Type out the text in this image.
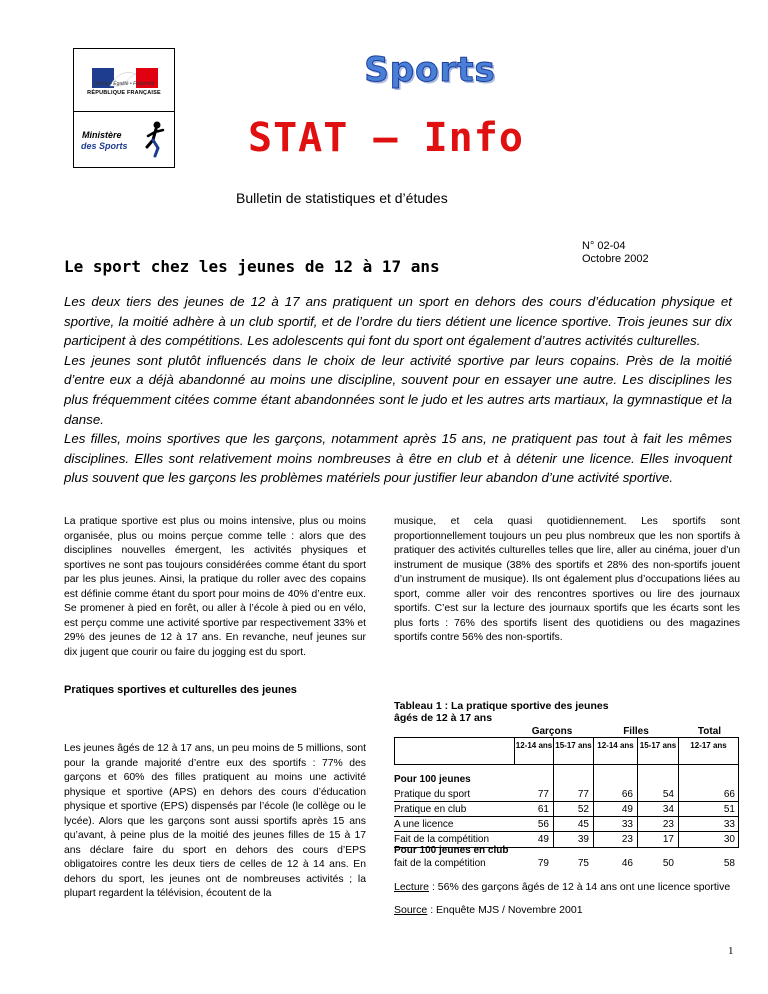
Liberté • Égalité • Fraternité
RÉPUBLIQUE FRANÇAISE
Ministère
des Sports
Sports
STAT – Info
Bulletin de statistiques et d’études
N° 02-04
Octobre 2002
Le sport chez les jeunes de 12 à 17 ans

Les deux tiers des jeunes de 12 à 17 ans pratiquent un sport en dehors des cours d’éducation physique et sportive, la moitié adhère à un club sportif, et de l’ordre du tiers détient une licence sportive. Trois jeunes sur dix participent à des compétitions. Les adolescents qui font du sport ont également d’autres activités culturelles.

Les jeunes sont plutôt influencés dans le choix de leur activité sportive par leurs copains. Près de la moitié d’entre eux a déjà abandonné au moins une discipline, souvent pour en essayer une autre. Les disciplines les plus fréquemment citées comme étant abandonnées sont le judo et les autres arts martiaux, la gymnastique et la danse.

Les filles, moins sportives que les garçons, notamment après 15 ans, ne pratiquent pas tout à fait les mêmes disciplines. Elles sont relativement moins nombreuses à être en club et à détenir une licence. Elles invoquent plus souvent que les garçons les problèmes matériels pour justifier leur abandon d’une activité sportive.

La pratique sportive est plus ou moins intensive, plus ou moins organisée, plus ou moins perçue comme telle : alors que des disciplines nouvelles émergent, les activités physiques et sportives ne sont pas toujours considérées comme étant du sport par les plus jeunes. Ainsi, la pratique du roller avec des copains est définie comme étant du sport pour moins de 40% d’entre eux. Se promener à pied en forêt, ou aller à l’école à pied ou en vélo, est perçu comme une activité sportive par respectivement 33% et 29% des jeunes de 12 à 17 ans. En revanche, neuf jeunes sur dix jugent que courir ou faire du jogging est du sport.

Pratiques sportives et culturelles des jeunes

Les jeunes âgés de 12 à 17 ans, un peu moins de 5 millions, sont pour la grande majorité d’entre eux des sportifs : 77% des garçons et 60% des filles pratiquent au moins une activité physique et sportive (APS) en dehors des cours d’éducation physique et sportive (EPS) dispensés par l’école (le collège ou le lycée). Alors que les garçons sont aussi sportifs après 15 ans qu’avant, à peine plus de la moitié des jeunes filles de 15 à 17 ans déclare faire du sport en dehors des cours d’EPS obligatoires contre les deux tiers de celles de 12 à 14 ans. En dehors du sport, les jeunes ont de nombreuses activités ; la plupart regardent la télévision, écoutent de la

musique, et cela quasi quotidiennement. Les sportifs sont proportionnellement toujours un peu plus nombreux que les non sportifs à pratiquer des activités culturelles telles que lire, aller au cinéma, jouer d’un instrument de musique (38% des sportifs et 28% des non-sportifs jouent d’un instrument de musique). Ils ont également plus d’occupations liées au sport, comme aller voir des rencontres sportives ou lire des journaux sportifs. C’est sur la lecture des journaux sportifs que les écarts sont les plus forts : 76% des sportifs lisent des quotidiens ou des magazines sportifs contre 56% des non-sportifs.

Tableau 1 : La pratique sportive des jeunes âgés de 12 à 17 ans
Garçons	Filles	Total
12-14 ans 15-17 ans 12-14 ans 15-17 ans	12-17 ans
Pour 100 jeunes
Pratique du sport	77	77	66	54	66
Pratique en club	61	52	49	34	51
A une licence	56	45	33	23	33
Fait de la compétition	49	39	23	17	30
Pour 100 jeunes en club
fait de la compétition	79	75	46	50	58
Lecture : 56% des garçons âgés de 12 à 14 ans ont une licence sportive
Source : Enquête MJS / Novembre 2001
1
